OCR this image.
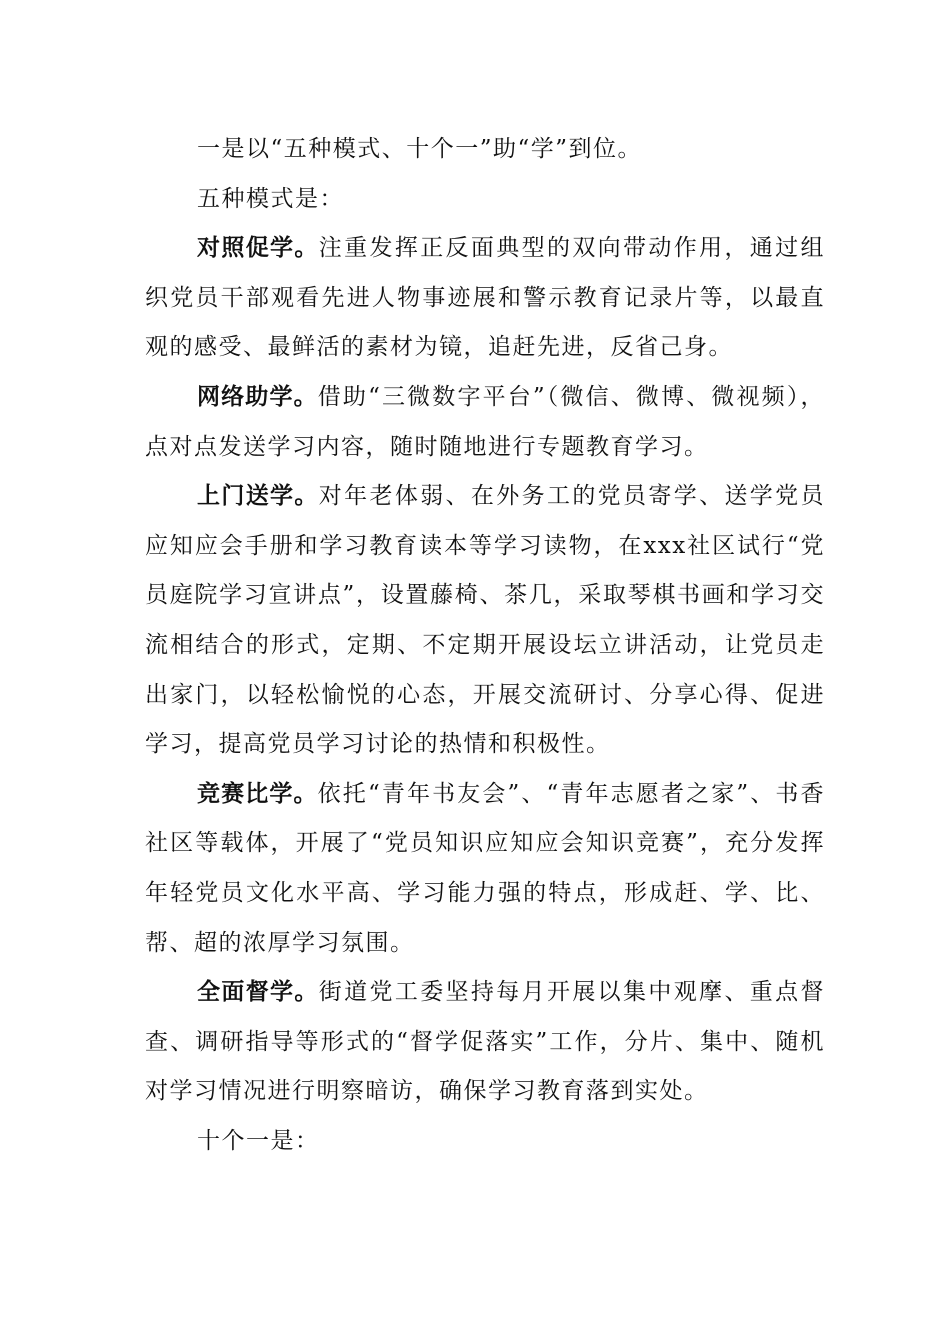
一是以“五种模式、十个一”助“学”到位。

五种模式是：

对照促学。注重发挥正反面典型的双向带动作用，通过组织党员干部观看先进人物事迹展和警示教育记录片等，以最直观的感受、最鲜活的素材为镜，追赶先进，反省己身。

网络助学。借助“三微数字平台”（微信、微博、微视频），点对点发送学习内容，随时随地进行专题教育学习。

上门送学。对年老体弱、在外务工的党员寄学、送学党员应知应会手册和学习教育读本等学习读物，在xxx社区试行“党员庭院学习宣讲点”，设置藤椅、茶几，采取琴棋书画和学习交流相结合的形式，定期、不定期开展设坛立讲活动，让党员走出家门，以轻松愉悦的心态，开展交流研讨、分享心得、促进学习，提高党员学习讨论的热情和积极性。

竞赛比学。依托“青年书友会”、“青年志愿者之家”、书香社区等载体，开展了“党员知识应知应会知识竞赛”，充分发挥年轻党员文化水平高、学习能力强的特点，形成赶、学、比、帮、超的浓厚学习氛围。

全面督学。街道党工委坚持每月开展以集中观摩、重点督查、调研指导等形式的“督学促落实”工作，分片、集中、随机对学习情况进行明察暗访，确保学习教育落到实处。

十个一是：
